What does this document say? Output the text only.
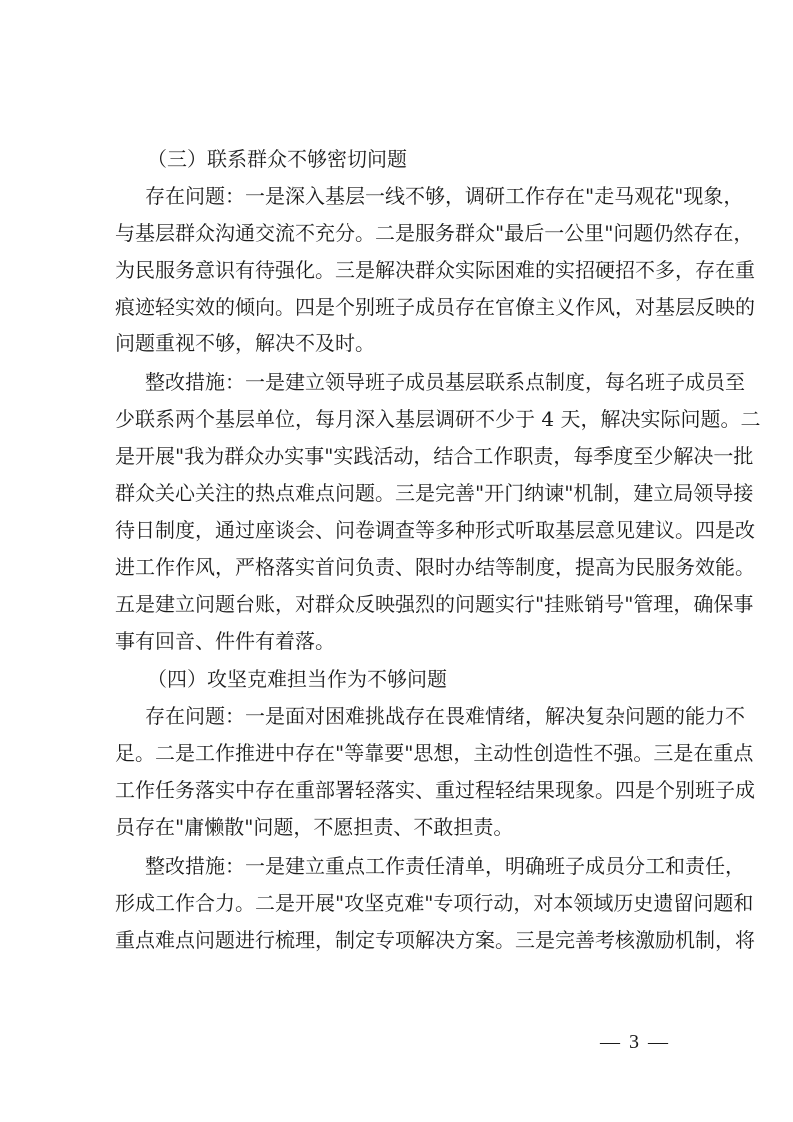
（三）联系群众不够密切问题
存在问题：一是深入基层一线不够，调研工作存在"走马观花"现象，
与基层群众沟通交流不充分。二是服务群众"最后一公里"问题仍然存在，
为民服务意识有待强化。三是解决群众实际困难的实招硬招不多，存在重
痕迹轻实效的倾向。四是个别班子成员存在官僚主义作风，对基层反映的
问题重视不够，解决不及时。
整改措施：一是建立领导班子成员基层联系点制度，每名班子成员至
少联系两个基层单位，每月深入基层调研不少于 4 天，解决实际问题。二
是开展"我为群众办实事"实践活动，结合工作职责，每季度至少解决一批
群众关心关注的热点难点问题。三是完善"开门纳谏"机制，建立局领导接
待日制度，通过座谈会、问卷调查等多种形式听取基层意见建议。四是改
进工作作风，严格落实首问负责、限时办结等制度，提高为民服务效能。
五是建立问题台账，对群众反映强烈的问题实行"挂账销号"管理，确保事
事有回音、件件有着落。
（四）攻坚克难担当作为不够问题
存在问题：一是面对困难挑战存在畏难情绪，解决复杂问题的能力不
足。二是工作推进中存在"等靠要"思想，主动性创造性不强。三是在重点
工作任务落实中存在重部署轻落实、重过程轻结果现象。四是个别班子成
员存在"庸懒散"问题，不愿担责、不敢担责。
整改措施：一是建立重点工作责任清单，明确班子成员分工和责任，
形成工作合力。二是开展"攻坚克难"专项行动，对本领域历史遗留问题和
重点难点问题进行梳理，制定专项解决方案。三是完善考核激励机制，将
— 3 —
